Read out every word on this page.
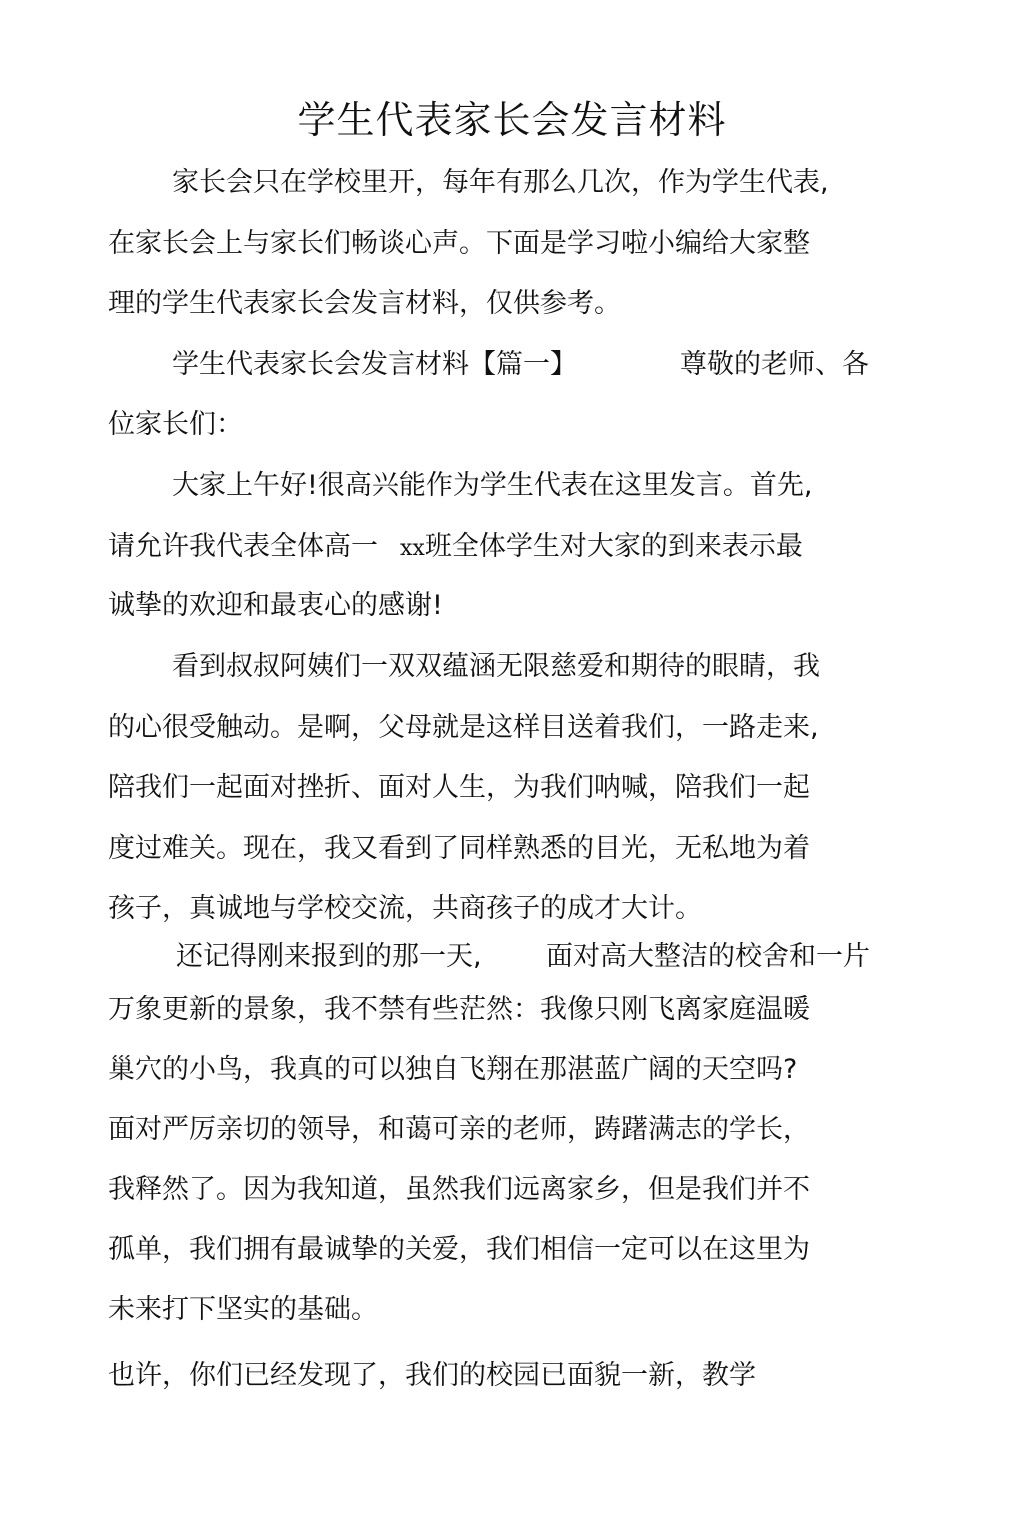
学生代表家长会发言材料
家长会只在学校里开，每年有那么几次，作为学生代表,
在家长会上与家长们畅谈心声。下面是学习啦小编给大家整
理的学生代表家长会发言材料，仅供参考。
学生代表家长会发言材料【篇一】	尊敬的老师、各
位家长们：
大家上午好!很高兴能作为学生代表在这里发言。首先,
请允许我代表全体高一 xx班全体学生对大家的到来表示最
诚挚的欢迎和最衷心的感谢!
看到叔叔阿姨们一双双蕴涵无限慈爱和期待的眼睛，我
的心很受触动。是啊，父母就是这样目送着我们，一路走来,
陪我们一起面对挫折、面对人生，为我们呐喊，陪我们一起
度过难关。现在，我又看到了同样熟悉的目光，无私地为着
孩子，真诚地与学校交流，共商孩子的成才大计。
还记得刚来报到的那一天, 面对高大整洁的校舍和一片
万象更新的景象，我不禁有些茫然：我像只刚飞离家庭温暖
巢穴的小鸟，我真的可以独自飞翔在那湛蓝广阔的天空吗?
面对严厉亲切的领导，和蔼可亲的老师，踌躇满志的学长，
我释然了。因为我知道，虽然我们远离家乡，但是我们并不
孤单，我们拥有最诚挚的关爱，我们相信一定可以在这里为
未来打下坚实的基础。
也许，你们已经发现了，我们的校园已面貌一新，教学
